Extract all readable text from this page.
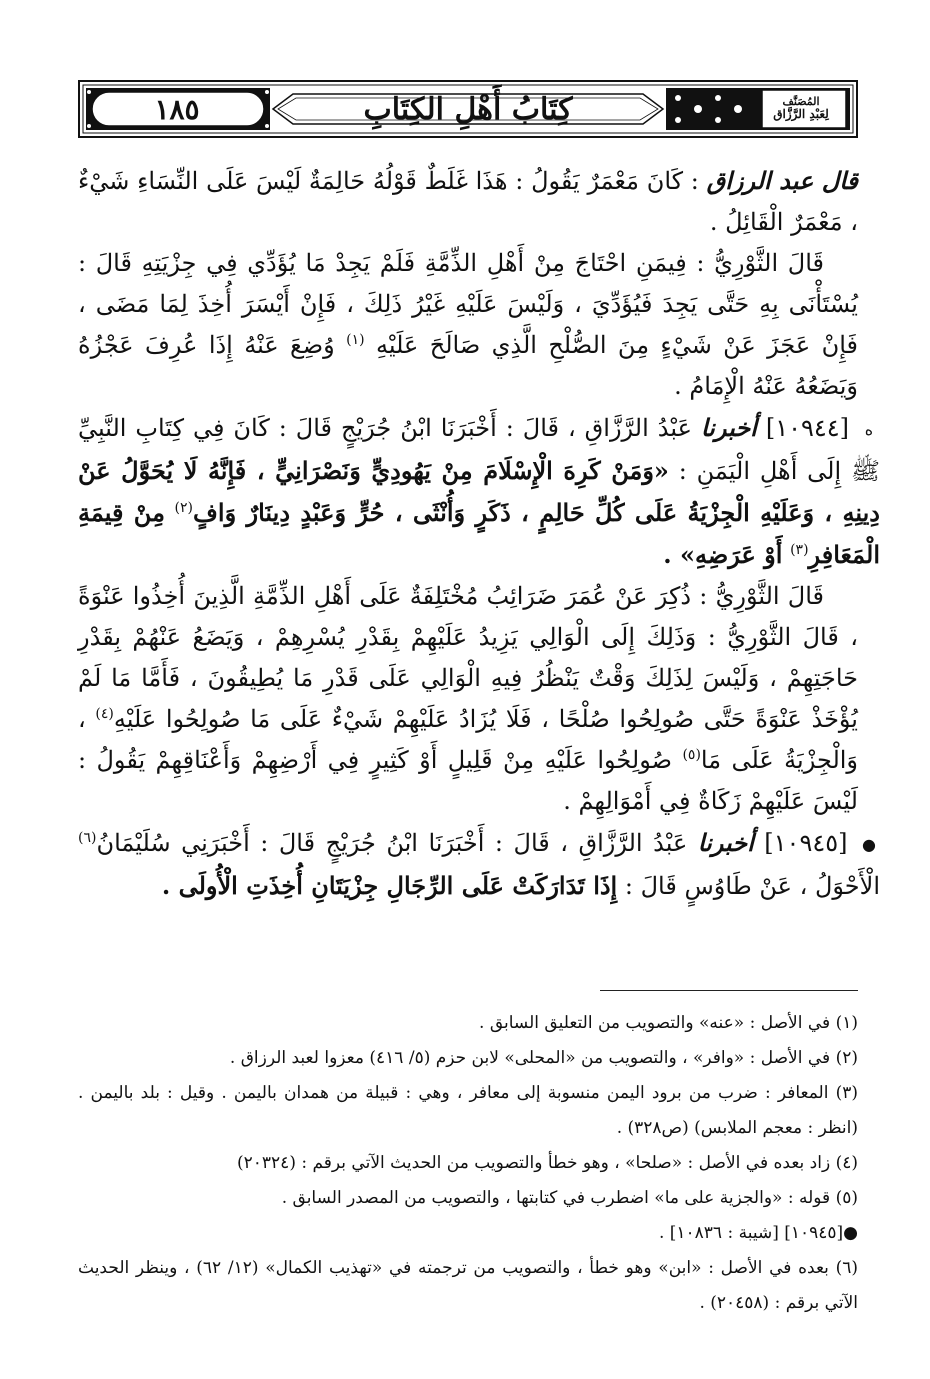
١٨٥	كِتَابُ أَهْلِ الكِتَابِ	المُصَنَّف
لِعَبْدِ الرَّزَّاق

قال عبد الرزاق : كَانَ مَعْمَرٌ يَقُولُ : هَذَا غَلَطٌ قَوْلُهُ حَالِمَةٌ لَيْسَ عَلَى النِّسَاءِ شَيْءٌ ، مَعْمَرٌ الْقَائِلُ .

قَالَ الثَّوْرِيُّ : فِيمَنِ احْتَاجَ مِنْ أَهْلِ الذِّمَّةِ فَلَمْ يَجِدْ مَا يُؤَدِّي فِي جِزْيَتِهِ قَالَ : يُسْتَأْنَى بِهِ حَتَّى يَجِدَ فَيُؤَدِّيَ ، وَلَيْسَ عَلَيْهِ غَيْرُ ذَلِكَ ، فَإِنْ أَيْسَرَ أُخِذَ لِمَا مَضَى ، فَإِنْ عَجَزَ عَنْ شَيْءٍ مِنَ الصُّلْحِ الَّذِي صَالَحَ عَلَيْهِ $^{(١)}$ وُضِعَ عَنْهُ إِذَا عُرِفَ عَجْزُهُ وَيَضَعُهُ عَنْهُ الْإِمَامُ .

ه [١٠٩٤٤] أخبرنا عَبْدُ الرَّزَّاقِ ، قَالَ : أَخْبَرَنَا ابْنُ جُرَيْجٍ قَالَ : كَانَ فِي كِتَابِ النَّبِيِّ ﷺ إِلَى أَهْلِ الْيَمَنِ : «وَمَنْ كَرِهَ الْإِسْلَامَ مِنْ يَهُودِيٍّ وَنَصْرَانِيٍّ ، فَإِنَّهُ لَا يُحَوَّلُ عَنْ دِينِهِ ، وَعَلَيْهِ الْجِزْيَةُ عَلَى كُلِّ حَالِمٍ ، ذَكَرٍ وَأُنْثَى ، حُرٍّ وَعَبْدٍ دِينَارٌ وَافٍ$^{(٢)}$ مِنْ قِيمَةِ الْمَعَافِرِ$^{(٣)}$ أَوْ عَرَضِهِ» .

قَالَ الثَّوْرِيُّ : ذُكِرَ عَنْ عُمَرَ ضَرَائِبُ مُخْتَلِفَةٌ عَلَى أَهْلِ الذِّمَّةِ الَّذِينَ أُخِذُوا عَنْوَةً ، قَالَ الثَّوْرِيُّ : وَذَلِكَ إِلَى الْوَالِي يَزِيدُ عَلَيْهِمْ بِقَدْرِ يُسْرِهِمْ ، وَيَضَعُ عَنْهُمْ بِقَدْرِ حَاجَتِهِمْ ، وَلَيْسَ لِذَلِكَ وَقْتٌ يَنْظُرُ فِيهِ الْوَالِي عَلَى قَدْرِ مَا يُطِيقُونَ ، فَأَمَّا مَا لَمْ يُؤْخَذْ عَنْوَةً حَتَّى صُولِحُوا صُلْحًا ، فَلَا يُزَادُ عَلَيْهِمْ شَيْءٌ عَلَى مَا صُولِحُوا عَلَيْهِ$^{(٤)}$ ، وَالْجِزْيَةُ عَلَى مَا$^{(٥)}$ صُولِحُوا عَلَيْهِ مِنْ قَلِيلٍ أَوْ كَثِيرٍ فِي أَرْضِهِمْ وَأَعْنَاقِهِمْ يَقُولُ : لَيْسَ عَلَيْهِمْ زَكَاةٌ فِي أَمْوَالِهِمْ .

● [١٠٩٤٥] أخبرنا عَبْدُ الرَّزَّاقِ ، قَالَ : أَخْبَرَنَا ابْنُ جُرَيْجٍ قَالَ : أَخْبَرَنِي سُلَيْمَانُ$^{(٦)}$ الْأَحْوَلُ ، عَنْ طَاوُسٍ قَالَ : إِذَا تَدَارَكَتْ عَلَى الرِّجَالِ جِزْيَتَانِ أُخِذَتِ الْأُولَى .

(١) في الأصل : «عنه» والتصويب من التعليق السابق .

(٢) في الأصل : «وافر» ، والتصويب من «المحلى» لابن حزم (٥/ ٤١٦) معزوا لعبد الرزاق .

(٣) المعافر : ضرب من برود اليمن منسوبة إلى معافر ، وهي : قبيلة من همدان باليمن . وقيل : بلد باليمن . (انظر : معجم الملابس) (ص٣٢٨) .

(٤) زاد بعده في الأصل : «صلحا» ، وهو خطأ والتصويب من الحديث الآتي برقم : (٢٠٣٢٤)

(٥) قوله : «والجزية على ما» اضطرب في كتابتها ، والتصويب من المصدر السابق .

●[١٠٩٤٥] [شيبة : ١٠٨٣٦] .

(٦) بعده في الأصل : «ابن» وهو خطأ ، والتصويب من ترجمته في «تهذيب الكمال» (١٢/ ٦٢) ، وينظر الحديث الآتي برقم : (٢٠٤٥٨) .
